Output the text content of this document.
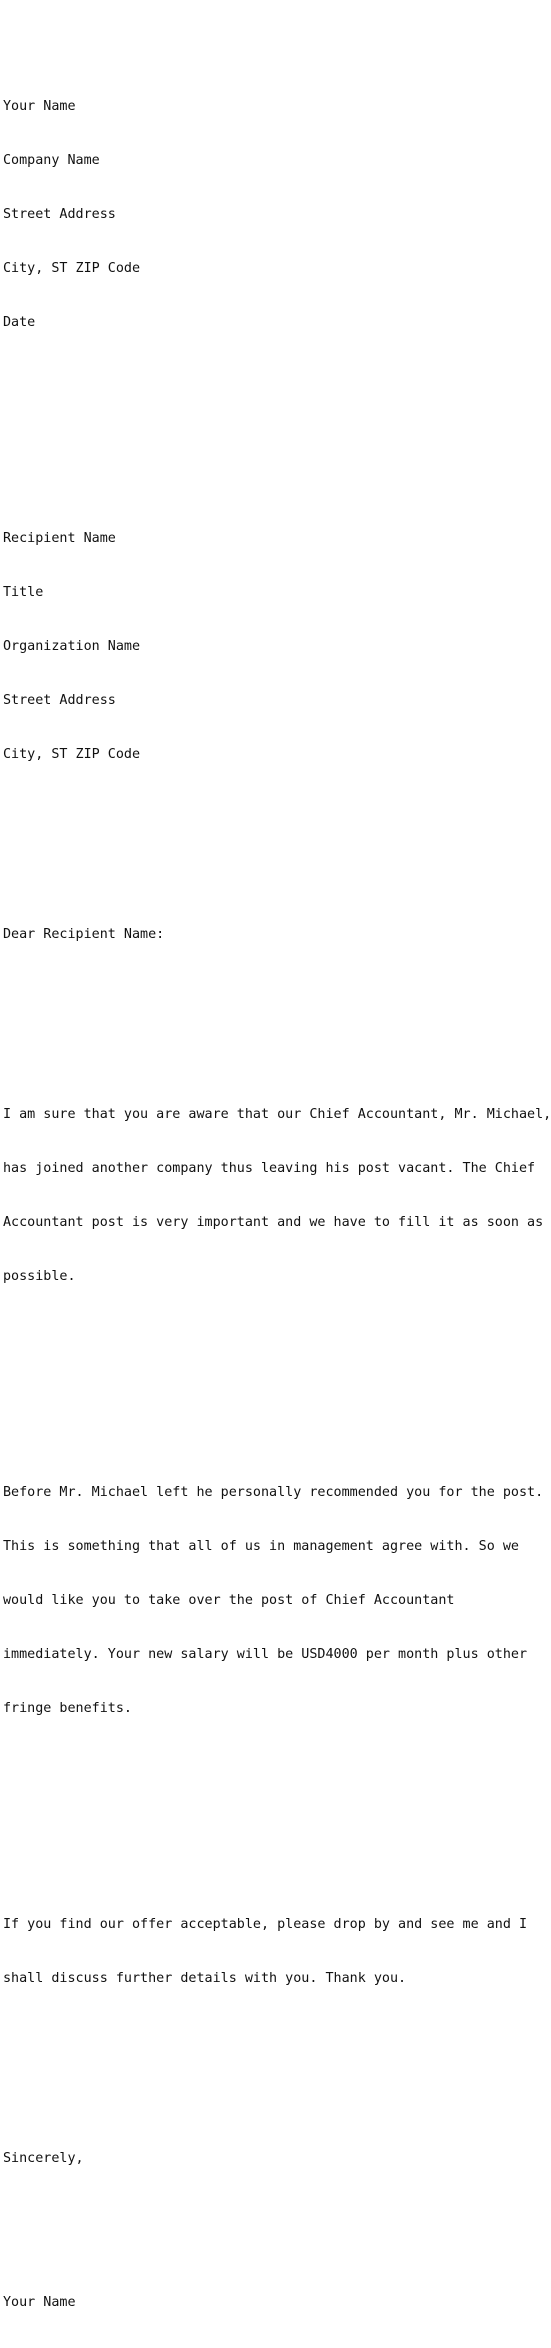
Your Name

Company Name

Street Address

City, ST ZIP Code

Date

Recipient Name

Title

Organization Name

Street Address

City, ST ZIP Code

Dear Recipient Name:

I am sure that you are aware that our Chief Accountant, Mr. Michael,

has joined another company thus leaving his post vacant. The Chief

Accountant post is very important and we have to fill it as soon as

possible.

Before Mr. Michael left he personally recommended you for the post.

This is something that all of us in management agree with. So we

would like you to take over the post of Chief Accountant

immediately. Your new salary will be USD4000 per month plus other

fringe benefits.

If you find our offer acceptable, please drop by and see me and I

shall discuss further details with you. Thank you.

Sincerely,

Your Name
